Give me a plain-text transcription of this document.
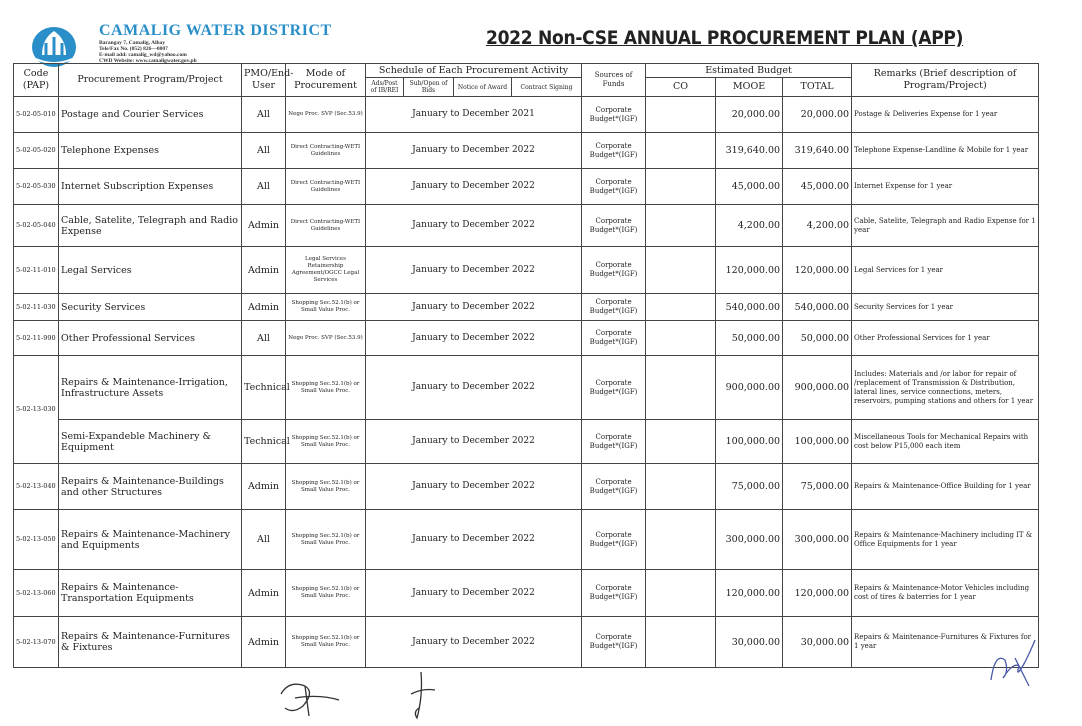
CAMALIG WATER DISTRICT
Barangay 7, Camalig, Albay
Tele/Fax No. (052) 826—0007
E-mail add: camalig_wd@yahoo.com
CWD Website: www.camaligwater.gov.ph
2022 Non-CSE ANNUAL PROCUREMENT PLAN (APP)
Code (PAP)	Procurement Program/Project	PMO/End-User	Mode of Procurement	Schedule of Each Procurement Activity				Sources of Funds	Estimated Budget			Remarks (Brief description of Program/Project)
				Ads/Post of IB/REI	Sub/Open of Bids	Notice of Award	Contract Signing		CO	MOOE	TOTAL	
5-02-05-010	Postage and Courier Services	All	Nego Proc. SVP (Sec.53.9)	January to December 2021				Corporate Budget*(IGF)		20,000.00	20,000.00	Postage & Deliveries Expense for 1 year
5-02-05-020	Telephone Expenses	All	Direct Contracting-WETI Guidelines	January to December 2022				Corporate Budget*(IGF)		319,640.00	319,640.00	Telephone Expense-Landline & Mobile for 1 year
5-02-05-030	Internet Subscription Expenses	All	Direct Contracting-WETI Guidelines	January to December 2022				Corporate Budget*(IGF)		45,000.00	45,000.00	Internet Expense for 1 year
5-02-05-040	Cable, Satelite, Telegraph and Radio Expense	Admin	Direct Contracting-WETI Guidelines	January to December 2022				Corporate Budget*(IGF)		4,200.00	4,200.00	Cable, Satelite, Telegraph and Radio Expense for 1 year
5-02-11-010	Legal Services	Admin	Legal Services Retainership Agreement/OGCC Legal Services	January to December 2022				Corporate Budget*(IGF)		120,000.00	120,000.00	Legal Services for 1 year
5-02-11-030	Security Services	Admin	Shopping Sec.52.1(b) or Small Value Proc.	January to December 2022				Corporate Budget*(IGF)		540,000.00	540,000.00	Security Services for 1 year
5-02-11-990	Other Professional Services	All	Nego Proc. SVP (Sec.53.9)	January to December 2022				Corporate Budget*(IGF)		50,000.00	50,000.00	Other Professional Services for 1 year
5-02-13-030	Repairs & Maintenance-Irrigation, Infrastructure Assets	Technical	Shopping Sec.52.1(b) or Small Value Proc.	January to December 2022				Corporate Budget*(IGF)		900,000.00	900,000.00	Includes: Materials and /or labor for repair of /replacement of Transmission & Distribution, lateral lines, service connections, meters, reservoirs, pumping stations and others for 1 year
	Semi-Expandeble Machinery & Equipment	Technical	Shopping Sec.52.1(b) or Small Value Proc.	January to December 2022				Corporate Budget*(IGF)		100,000.00	100,000.00	Miscellaneous Tools for Mechanical Repairs with cost below P15,000 each item
5-02-13-040	Repairs & Maintenance-Buildings and other Structures	Admin	Shopping Sec.52.1(b) or Small Value Proc.	January to December 2022				Corporate Budget*(IGF)		75,000.00	75,000.00	Repairs & Maintenance-Office Building for 1 year
5-02-13-050	Repairs & Maintenance-Machinery and Equipments	All	Shopping Sec.52.1(b) or Small Value Proc.	January to December 2022				Corporate Budget*(IGF)		300,000.00	300,000.00	Repairs & Maintenance-Machinery including IT & Office Equipments for 1 year
5-02-13-060	Repairs & Maintenance-Transportation Equipments	Admin	Shopping Sec.52.1(b) or Small Value Proc.	January to December 2022				Corporate Budget*(IGF)		120,000.00	120,000.00	Repairs & Maintenance-Motor Vehicles including cost of tires & baterries for 1 year
5-02-13-070	Repairs & Maintenance-Furnitures & Fixtures	Admin	Shopping Sec.52.1(b) or Small Value Proc.	January to December 2022				Corporate Budget*(IGF)		30,000.00	30,000.00	Repairs & Maintenance-Furnitures & Fixtures for 1 year
